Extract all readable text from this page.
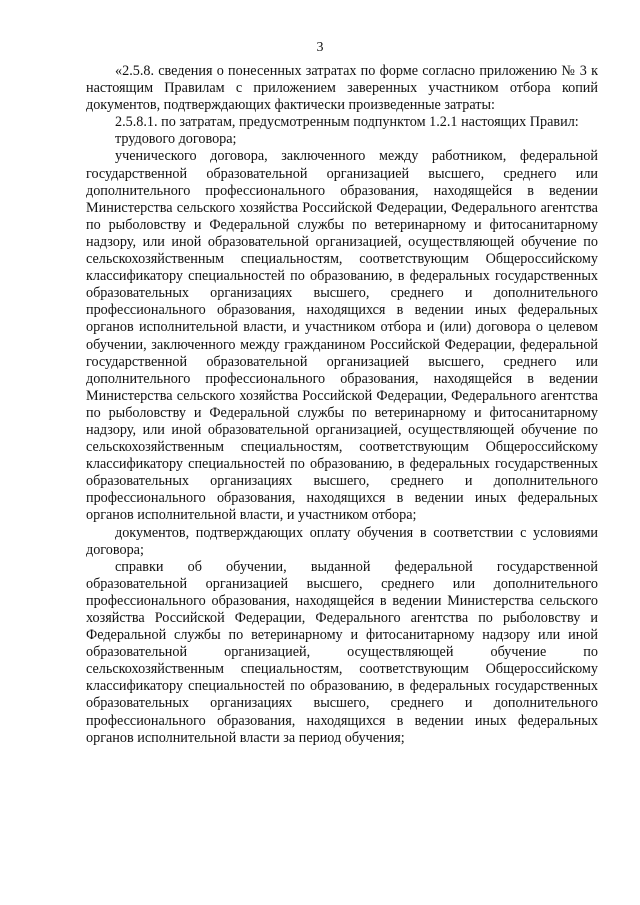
3

«2.5.8. сведения о понесенных затратах по форме согласно приложению № 3 к настоящим Правилам с приложением заверенных участником отбора копий документов, подтверждающих фактически произведенные затраты:

2.5.8.1. по затратам, предусмотренным подпунктом 1.2.1 настоящих Правил:

трудового договора;

ученического договора, заключенного между работником, федеральной государственной образовательной организацией высшего, среднего или дополнительного профессионального образования, находящейся в ведении Министерства сельского хозяйства Российской Федерации, Федерального агентства по рыболовству и Федеральной службы по ветеринарному и фитосанитарному надзору, или иной образовательной организацией, осуществляющей обучение по сельскохозяйственным специальностям, соответствующим Общероссийскому классификатору специальностей по образованию, в федеральных государственных образовательных организациях высшего, среднего и дополнительного профессионального образования, находящихся в ведении иных федеральных органов исполнительной власти, и участником отбора и (или) договора о целевом обучении, заключенного между гражданином Российской Федерации, федеральной государственной образовательной организацией высшего, среднего или дополнительного профессионального образования, находящейся в ведении Министерства сельского хозяйства Российской Федерации, Федерального агентства по рыболовству и Федеральной службы по ветеринарному и фитосанитарному надзору, или иной образовательной организацией, осуществляющей обучение по сельскохозяйственным специальностям, соответствующим Общероссийскому классификатору специальностей по образованию, в федеральных государственных образовательных организациях высшего, среднего и дополнительного профессионального образования, находящихся в ведении иных федеральных органов исполнительной власти, и участником отбора;

документов, подтверждающих оплату обучения в соответствии с условиями договора;

справки об обучении, выданной федеральной государственной образовательной организацией высшего, среднего или дополнительного профессионального образования, находящейся в ведении Министерства сельского хозяйства Российской Федерации, Федерального агентства по рыболовству и Федеральной службы по ветеринарному и фитосанитарному надзору или иной образовательной организацией, осуществляющей обучение по сельскохозяйственным специальностям, соответствующим Общероссийскому классификатору специальностей по образованию, в федеральных государственных образовательных организациях высшего, среднего и дополнительного профессионального образования, находящихся в ведении иных федеральных органов исполнительной власти за период обучения;
